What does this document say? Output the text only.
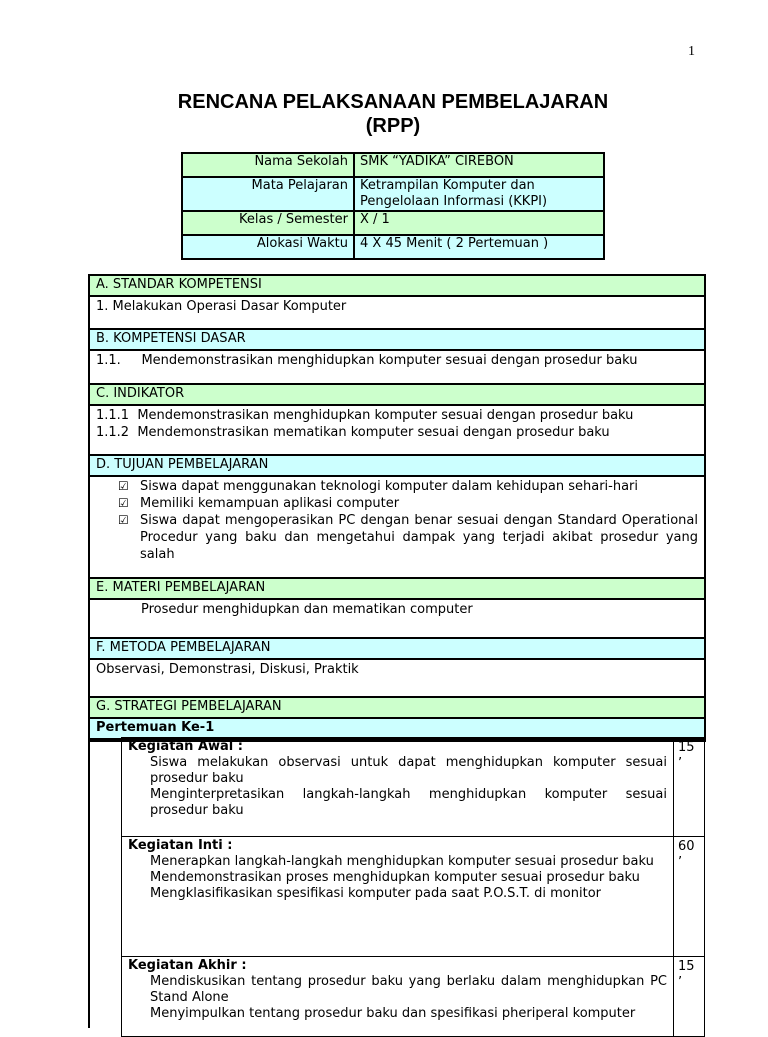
1
RENCANA PELAKSANAAN PEMBELAJARAN
(RPP)
Nama Sekolah	SMK “YADIKA” CIREBON
Mata Pelajaran	Ketrampilan Komputer dan Pengelolaan Informasi (KKPI)
Kelas / Semester	X / 1
Alokasi Waktu	4 X 45 Menit ( 2 Pertemuan )
A. STANDAR KOMPETENSI
1. Melakukan Operasi Dasar Komputer
B. KOMPETENSI DASAR
1.1.     Mendemonstrasikan menghidupkan komputer sesuai dengan prosedur baku
C. INDIKATOR
1.1.1  Mendemonstrasikan menghidupkan komputer sesuai dengan prosedur baku
1.1.2  Mendemonstrasikan mematikan komputer sesuai dengan prosedur baku
D. TUJUAN PEMBELAJARAN
☑ Siswa dapat menggunakan teknologi komputer dalam kehidupan sehari-hari
☑ Memiliki kemampuan aplikasi computer
☑ Siswa dapat mengoperasikan PC dengan benar sesuai dengan Standard Operational Procedur yang baku dan mengetahui dampak yang terjadi akibat prosedur yang salah
E. MATERI PEMBELAJARAN
Prosedur menghidupkan dan mematikan computer
F. METODA PEMBELAJARAN
Observasi, Demonstrasi, Diskusi, Praktik
G. STRATEGI PEMBELAJARAN
Pertemuan Ke-1
Kegiatan Awal :
Siswa melakukan observasi untuk dapat menghidupkan komputer sesuai prosedur baku
Menginterpretasikan langkah-langkah menghidupkan komputer sesuai prosedur baku	15 ’

Kegiatan Inti :
Menerapkan langkah-langkah menghidupkan komputer sesuai prosedur baku
Mendemonstrasikan proses menghidupkan komputer sesuai prosedur baku
Mengklasifikasikan spesifikasi komputer pada saat P.O.S.T. di monitor	60 ’

Kegiatan Akhir :
Mendiskusikan tentang prosedur baku yang berlaku dalam menghidupkan PC Stand Alone
Menyimpulkan tentang prosedur baku dan spesifikasi pheriperal komputer	15 ’
